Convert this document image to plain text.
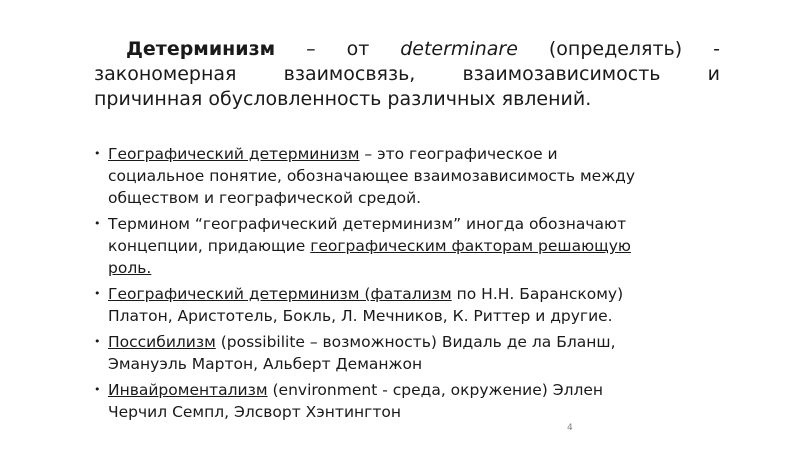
Детерминизм – от determinare (определять) -
закономерная взаимосвязь, взаимозависимость и
причинная обусловленность различных явлений.
• Географический детерминизм – это географическое и
социальное понятие, обозначающее взаимозависимость между
обществом и географической средой.
• Термином “географический детерминизм” иногда обозначают
концепции, придающие географическим факторам решающую
роль.
• Географический детерминизм (фатализм по Н.Н. Баранскому)
Платон, Аристотель, Бокль, Л. Мечников, К. Риттер и другие.
• Поссибилизм (possibilite – возможность) Видаль де ла Бланш,
Эмануэль Мартон, Альберт Деманжон
• Инвайроментализм (environment - среда, окружение) Эллен
Черчил Семпл, Элсворт Хэнтингтон
4
